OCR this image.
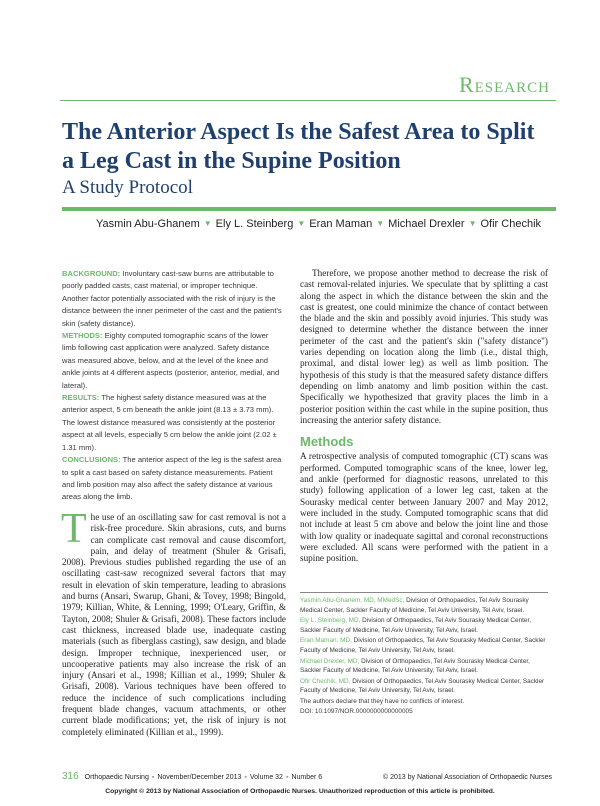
Research
The Anterior Aspect Is the Safest Area to Split a Leg Cast in the Supine Position
A Study Protocol
Yasmin Abu-Ghanem ▼ Ely L. Steinberg ▼ Eran Maman ▼ Michael Drexler ▼ Ofir Chechik
BACKGROUND: Involuntary cast-saw burns are attributable to poorly padded casts, cast material, or improper technique. Another factor potentially associated with the risk of injury is the distance between the inner perimeter of the cast and the patient's skin (safety distance).
METHODS: Eighty computed tomographic scans of the lower limb following cast application were analyzed. Safety distance was measured above, below, and at the level of the knee and ankle joints at 4 different aspects (posterior, anterior, medial, and lateral).
RESULTS: The highest safety distance measured was at the anterior aspect, 5 cm beneath the ankle joint (8.13 ± 3.73 mm). The lowest distance measured was consistently at the posterior aspect at all levels, especially 5 cm below the ankle joint (2.02 ± 1.31 mm).
CONCLUSIONS: The anterior aspect of the leg is the safest area to split a cast based on safety distance measurements. Patient and limb position may also affect the safety distance at various areas along the limb.
The use of an oscillating saw for cast removal is not a risk-free procedure. Skin abrasions, cuts, and burns can complicate cast removal and cause discomfort, pain, and delay of treatment (Shuler & Grisafi, 2008). Previous studies published regarding the use of an oscillating cast-saw recognized several factors that may result in elevation of skin temperature, leading to abrasions and burns (Ansari, Swarup, Ghani, & Tovey, 1998; Bingold, 1979; Killian, White, & Lenning, 1999; O'Leary, Griffin, & Tayton, 2008; Shuler & Grisafi, 2008). These factors include cast thickness, increased blade use, inadequate casting materials (such as fiberglass casting), saw design, and blade design. Improper technique, inexperienced user, or uncooperative patients may also increase the risk of an injury (Ansari et al., 1998; Killian et al., 1999; Shuler & Grisafi, 2008). Various techniques have been offered to reduce the incidence of such complications including frequent blade changes, vacuum attachments, or other current blade modifications; yet, the risk of injury is not completely eliminated (Killian et al., 1999).

Therefore, we propose another method to decrease the risk of cast removal-related injuries. We speculate that by splitting a cast along the aspect in which the distance between the skin and the cast is greatest, one could minimize the chance of contact between the blade and the skin and possibly avoid injuries. This study was designed to determine whether the distance between the inner perimeter of the cast and the patient's skin ("safety distance") varies depending on location along the limb (i.e., distal thigh, proximal, and distal lower leg) as well as limb position. The hypothesis of this study is that the measured safety distance differs depending on limb anatomy and limb position within the cast. Specifically we hypothesized that gravity places the limb in a posterior position within the cast while in the supine position, thus increasing the anterior safety distance.

Methods

A retrospective analysis of computed tomographic (CT) scans was performed. Computed tomographic scans of the knee, lower leg, and ankle (performed for diagnostic reasons, unrelated to this study) following application of a lower leg cast, taken at the Sourasky medical center between January 2007 and May 2012, were included in the study. Computed tomographic scans that did not include at least 5 cm above and below the joint line and those with low quality or inadequate sagittal and coronal reconstructions were excluded. All scans were performed with the patient in a supine position.

Yasmin Abu-Ghanem, MD, MMedSc, Division of Orthopaedics, Tel Aviv Sourasky Medical Center, Sackler Faculty of Medicine, Tel Aviv University, Tel Aviv, Israel.
Ely L. Steinberg, MD, Division of Orthopaedics, Tel Aviv Sourasky Medical Center, Sackler Faculty of Medicine, Tel Aviv University, Tel Aviv, Israel.
Eran Maman, MD, Division of Orthopaedics, Tel Aviv Sourasky Medical Center, Sackler Faculty of Medicine, Tel Aviv University, Tel Aviv, Israel.
Michael Drexler, MD, Division of Orthopaedics, Tel Aviv Sourasky Medical Center, Sackler Faculty of Medicine, Tel Aviv University, Tel Aviv, Israel.
Ofir Chechik, MD, Division of Orthopaedics, Tel Aviv Sourasky Medical Center, Sackler Faculty of Medicine, Tel Aviv University, Tel Aviv, Israel.
The authors declare that they have no conflicts of interest.
DOI: 10.1097/NOR.0000000000000005
316 Orthopaedic Nursing ▪ November/December 2013 ▪ Volume 32 ▪ Number 6	© 2013 by National Association of Orthopaedic Nurses
Copyright © 2013 by National Association of Orthopaedic Nurses. Unauthorized reproduction of this article is prohibited.
